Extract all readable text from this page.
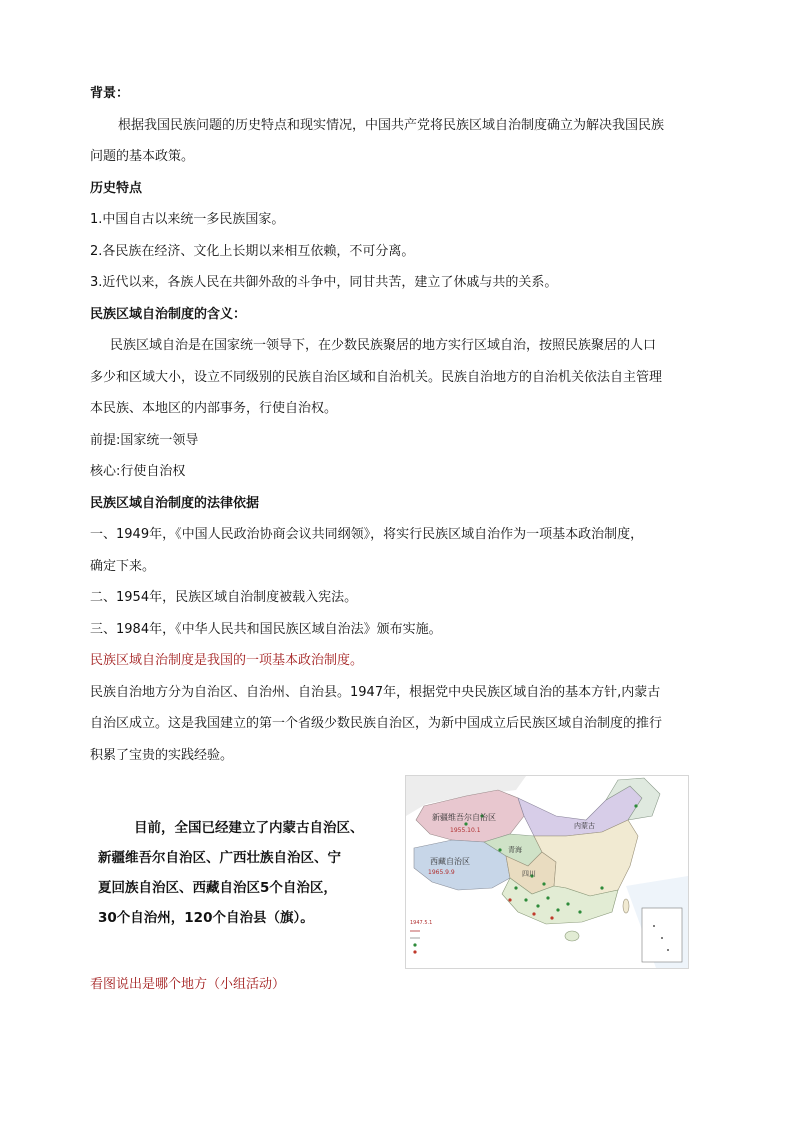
背景：
根据我国民族问题的历史特点和现实情况，中国共产党将民族区域自治制度确立为解决我国民族
问题的基本政策。
历史特点
1.中国自古以来统一多民族国家。
2.各民族在经济、文化上长期以来相互依赖，不可分离。
3.近代以来，各族人民在共御外敌的斗争中，同甘共苦，建立了休戚与共的关系。
民族区域自治制度的含义：
民族区域自治是在国家统一领导下，在少数民族聚居的地方实行区域自治，按照民族聚居的人口
多少和区域大小，设立不同级别的民族自治区域和自治机关。民族自治地方的自治机关依法自主管理
本民族、本地区的内部事务，行使自治权。
前提:国家统一领导
核心:行使自治权
民族区域自治制度的法律依据
一、1949年，《中国人民政治协商会议共同纲领》，将实行民族区域自治作为一项基本政治制度，
确定下来。
二、1954年，民族区域自治制度被载入宪法。
三、1984年，《中华人民共和国民族区域自治法》颁布实施。
民族区域自治制度是我国的一项基本政治制度。
民族自治地方分为自治区、自治州、自治县。1947年，根据党中央民族区域自治的基本方针,内蒙古
自治区成立。这是我国建立的第一个省级少数民族自治区，为新中国成立后民族区域自治制度的推行
积累了宝贵的实践经验。
目前，全国已经建立了内蒙古自治区、
新疆维吾尔自治区、广西壮族自治区、宁
夏回族自治区、西藏自治区5个自治区，
30个自治州，120个自治县（旗）。
新疆维吾尔自治区
1955.10.1
西藏自治区
1965.9.9
青海
四川
内蒙古
1947.5.1
看图说出是哪个地方（小组活动）
